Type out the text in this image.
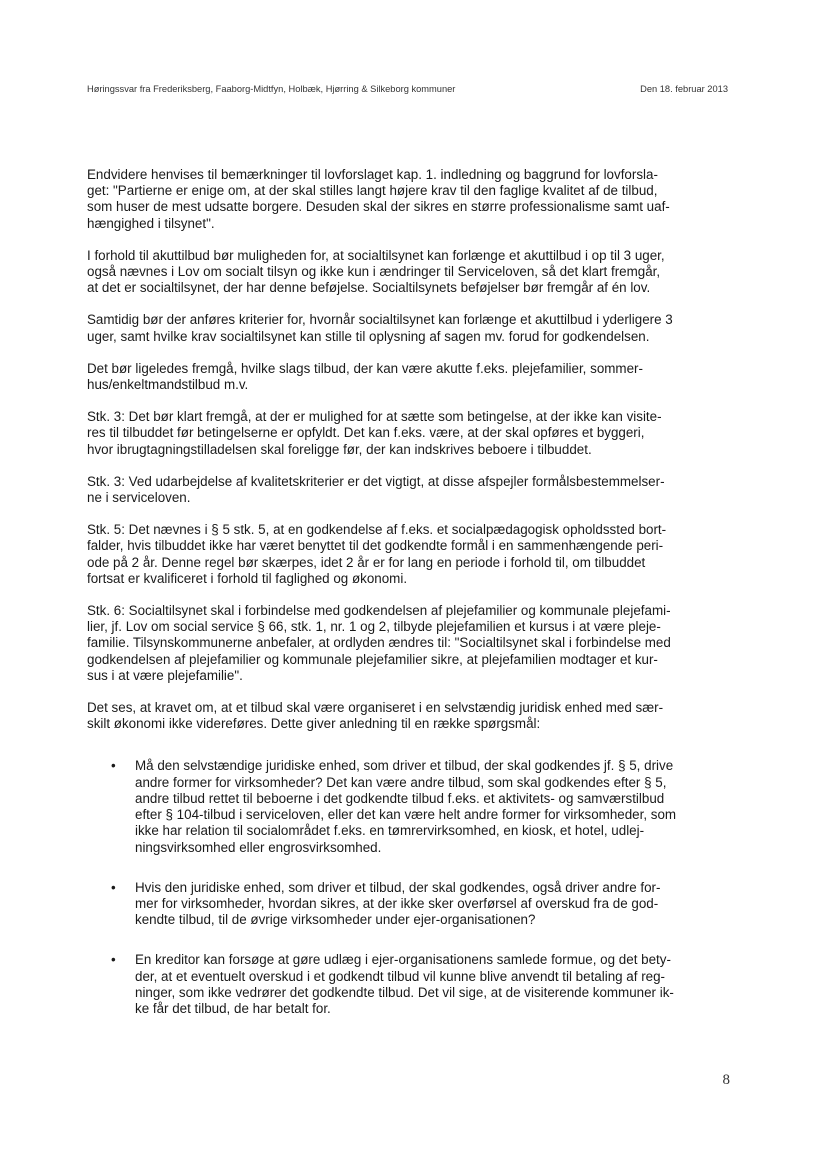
Høringssvar fra Frederiksberg, Faaborg-Midtfyn, Holbæk, Hjørring & Silkeborg kommuner	Den 18. februar 2013

Endvidere henvises til bemærkninger til lovforslaget kap. 1. indledning og baggrund for lovforsla-
get: "Partierne er enige om, at der skal stilles langt højere krav til den faglige kvalitet af de tilbud,
som huser de mest udsatte borgere. Desuden skal der sikres en større professionalisme samt uaf-
hængighed i tilsynet".

I forhold til akuttilbud bør muligheden for, at socialtilsynet kan forlænge et akuttilbud i op til 3 uger,
også nævnes i Lov om socialt tilsyn og ikke kun i ændringer til Serviceloven, så det klart fremgår,
at det er socialtilsynet, der har denne beføjelse. Socialtilsynets beføjelser bør fremgår af én lov.

Samtidig bør der anføres kriterier for, hvornår socialtilsynet kan forlænge et akuttilbud i yderligere 3
uger, samt hvilke krav socialtilsynet kan stille til oplysning af sagen mv. forud for godkendelsen.

Det bør ligeledes fremgå, hvilke slags tilbud, der kan være akutte f.eks. plejefamilier, sommer-
hus/enkeltmandstilbud m.v.

Stk. 3: Det bør klart fremgå, at der er mulighed for at sætte som betingelse, at der ikke kan visite-
res til tilbuddet før betingelserne er opfyldt. Det kan f.eks. være, at der skal opføres et byggeri,
hvor ibrugtagningstilladelsen skal foreligge før, der kan indskrives beboere i tilbuddet.

Stk. 3: Ved udarbejdelse af kvalitetskriterier er det vigtigt, at disse afspejler formålsbestemmelser-
ne i serviceloven.

Stk. 5: Det nævnes i § 5 stk. 5, at en godkendelse af f.eks. et socialpædagogisk opholdssted bort-
falder, hvis tilbuddet ikke har været benyttet til det godkendte formål i en sammenhængende peri-
ode på 2 år. Denne regel bør skærpes, idet 2 år er for lang en periode i forhold til, om tilbuddet
fortsat er kvalificeret i forhold til faglighed og økonomi.

Stk. 6: Socialtilsynet skal i forbindelse med godkendelsen af plejefamilier og kommunale plejefami-
lier, jf. Lov om social service § 66, stk. 1, nr. 1 og 2, tilbyde plejefamilien et kursus i at være pleje-
familie. Tilsynskommunerne anbefaler, at ordlyden ændres til: "Socialtilsynet skal i forbindelse med
godkendelsen af plejefamilier og kommunale plejefamilier sikre, at plejefamilien modtager et kur-
sus i at være plejefamilie".

Det ses, at kravet om, at et tilbud skal være organiseret i en selvstændig juridisk enhed med sær-
skilt økonomi ikke videreføres. Dette giver anledning til en række spørgsmål:

• Må den selvstændige juridiske enhed, som driver et tilbud, der skal godkendes jf. § 5, drive
andre former for virksomheder? Det kan være andre tilbud, som skal godkendes efter § 5,
andre tilbud rettet til beboerne i det godkendte tilbud f.eks. et aktivitets- og samværstilbud
efter § 104-tilbud i serviceloven, eller det kan være helt andre former for virksomheder, som
ikke har relation til socialområdet f.eks. en tømrervirksomhed, en kiosk, et hotel, udlej-
ningsvirksomhed eller engrosvirksomhed.
• Hvis den juridiske enhed, som driver et tilbud, der skal godkendes, også driver andre for-
mer for virksomheder, hvordan sikres, at der ikke sker overførsel af overskud fra de god-
kendte tilbud, til de øvrige virksomheder under ejer-organisationen?
• En kreditor kan forsøge at gøre udlæg i ejer-organisationens samlede formue, og det bety-
der, at et eventuelt overskud i et godkendt tilbud vil kunne blive anvendt til betaling af reg-
ninger, som ikke vedrører det godkendte tilbud. Det vil sige, at de visiterende kommuner ik-
ke får det tilbud, de har betalt for.
8
